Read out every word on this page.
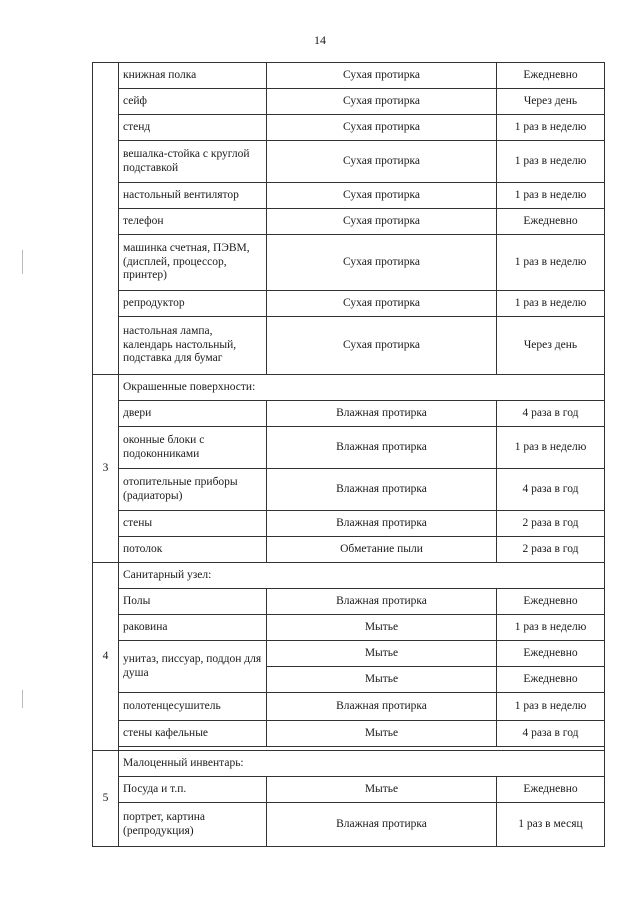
14
	книжная полка	Сухая протирка	Ежедневно
	сейф	Сухая протирка	Через день
	стенд	Сухая протирка	1 раз в неделю
	вешалка-стойка с круглой подставкой	Сухая протирка	1 раз в неделю
	настольный вентилятор	Сухая протирка	1 раз в неделю
	телефон	Сухая протирка	Ежедневно
	машинка счетная, ПЭВМ, (дисплей, процессор, принтер)	Сухая протирка	1 раз в неделю
	репродуктор	Сухая протирка	1 раз в неделю
	настольная лампа, календарь настольный, подставка для бумаг	Сухая протирка	Через день
3	Окрашенные поверхности:		
	двери	Влажная протирка	4 раза в год
	оконные блоки с подоконниками	Влажная протирка	1 раз в неделю
	отопительные приборы (радиаторы)	Влажная протирка	4 раза в год
	стены	Влажная протирка	2 раза в год
	потолок	Обметание пыли	2 раза в год
4	Санитарный узел:		
	Полы	Влажная протирка	Ежедневно
	раковина	Мытье	1 раз в неделю
	унитаз, писсуар, поддон для душа	Мытье	Ежедневно
		Мытье	Ежедневно
	полотенцесушитель	Влажная протирка	1 раз в неделю
	стены кафельные	Мытье	4 раза в год

5	Малоценный инвентарь:		
	Посуда и т.п.	Мытье	Ежедневно
	портрет, картина (репродукция)	Влажная протирка	1 раз в месяц
